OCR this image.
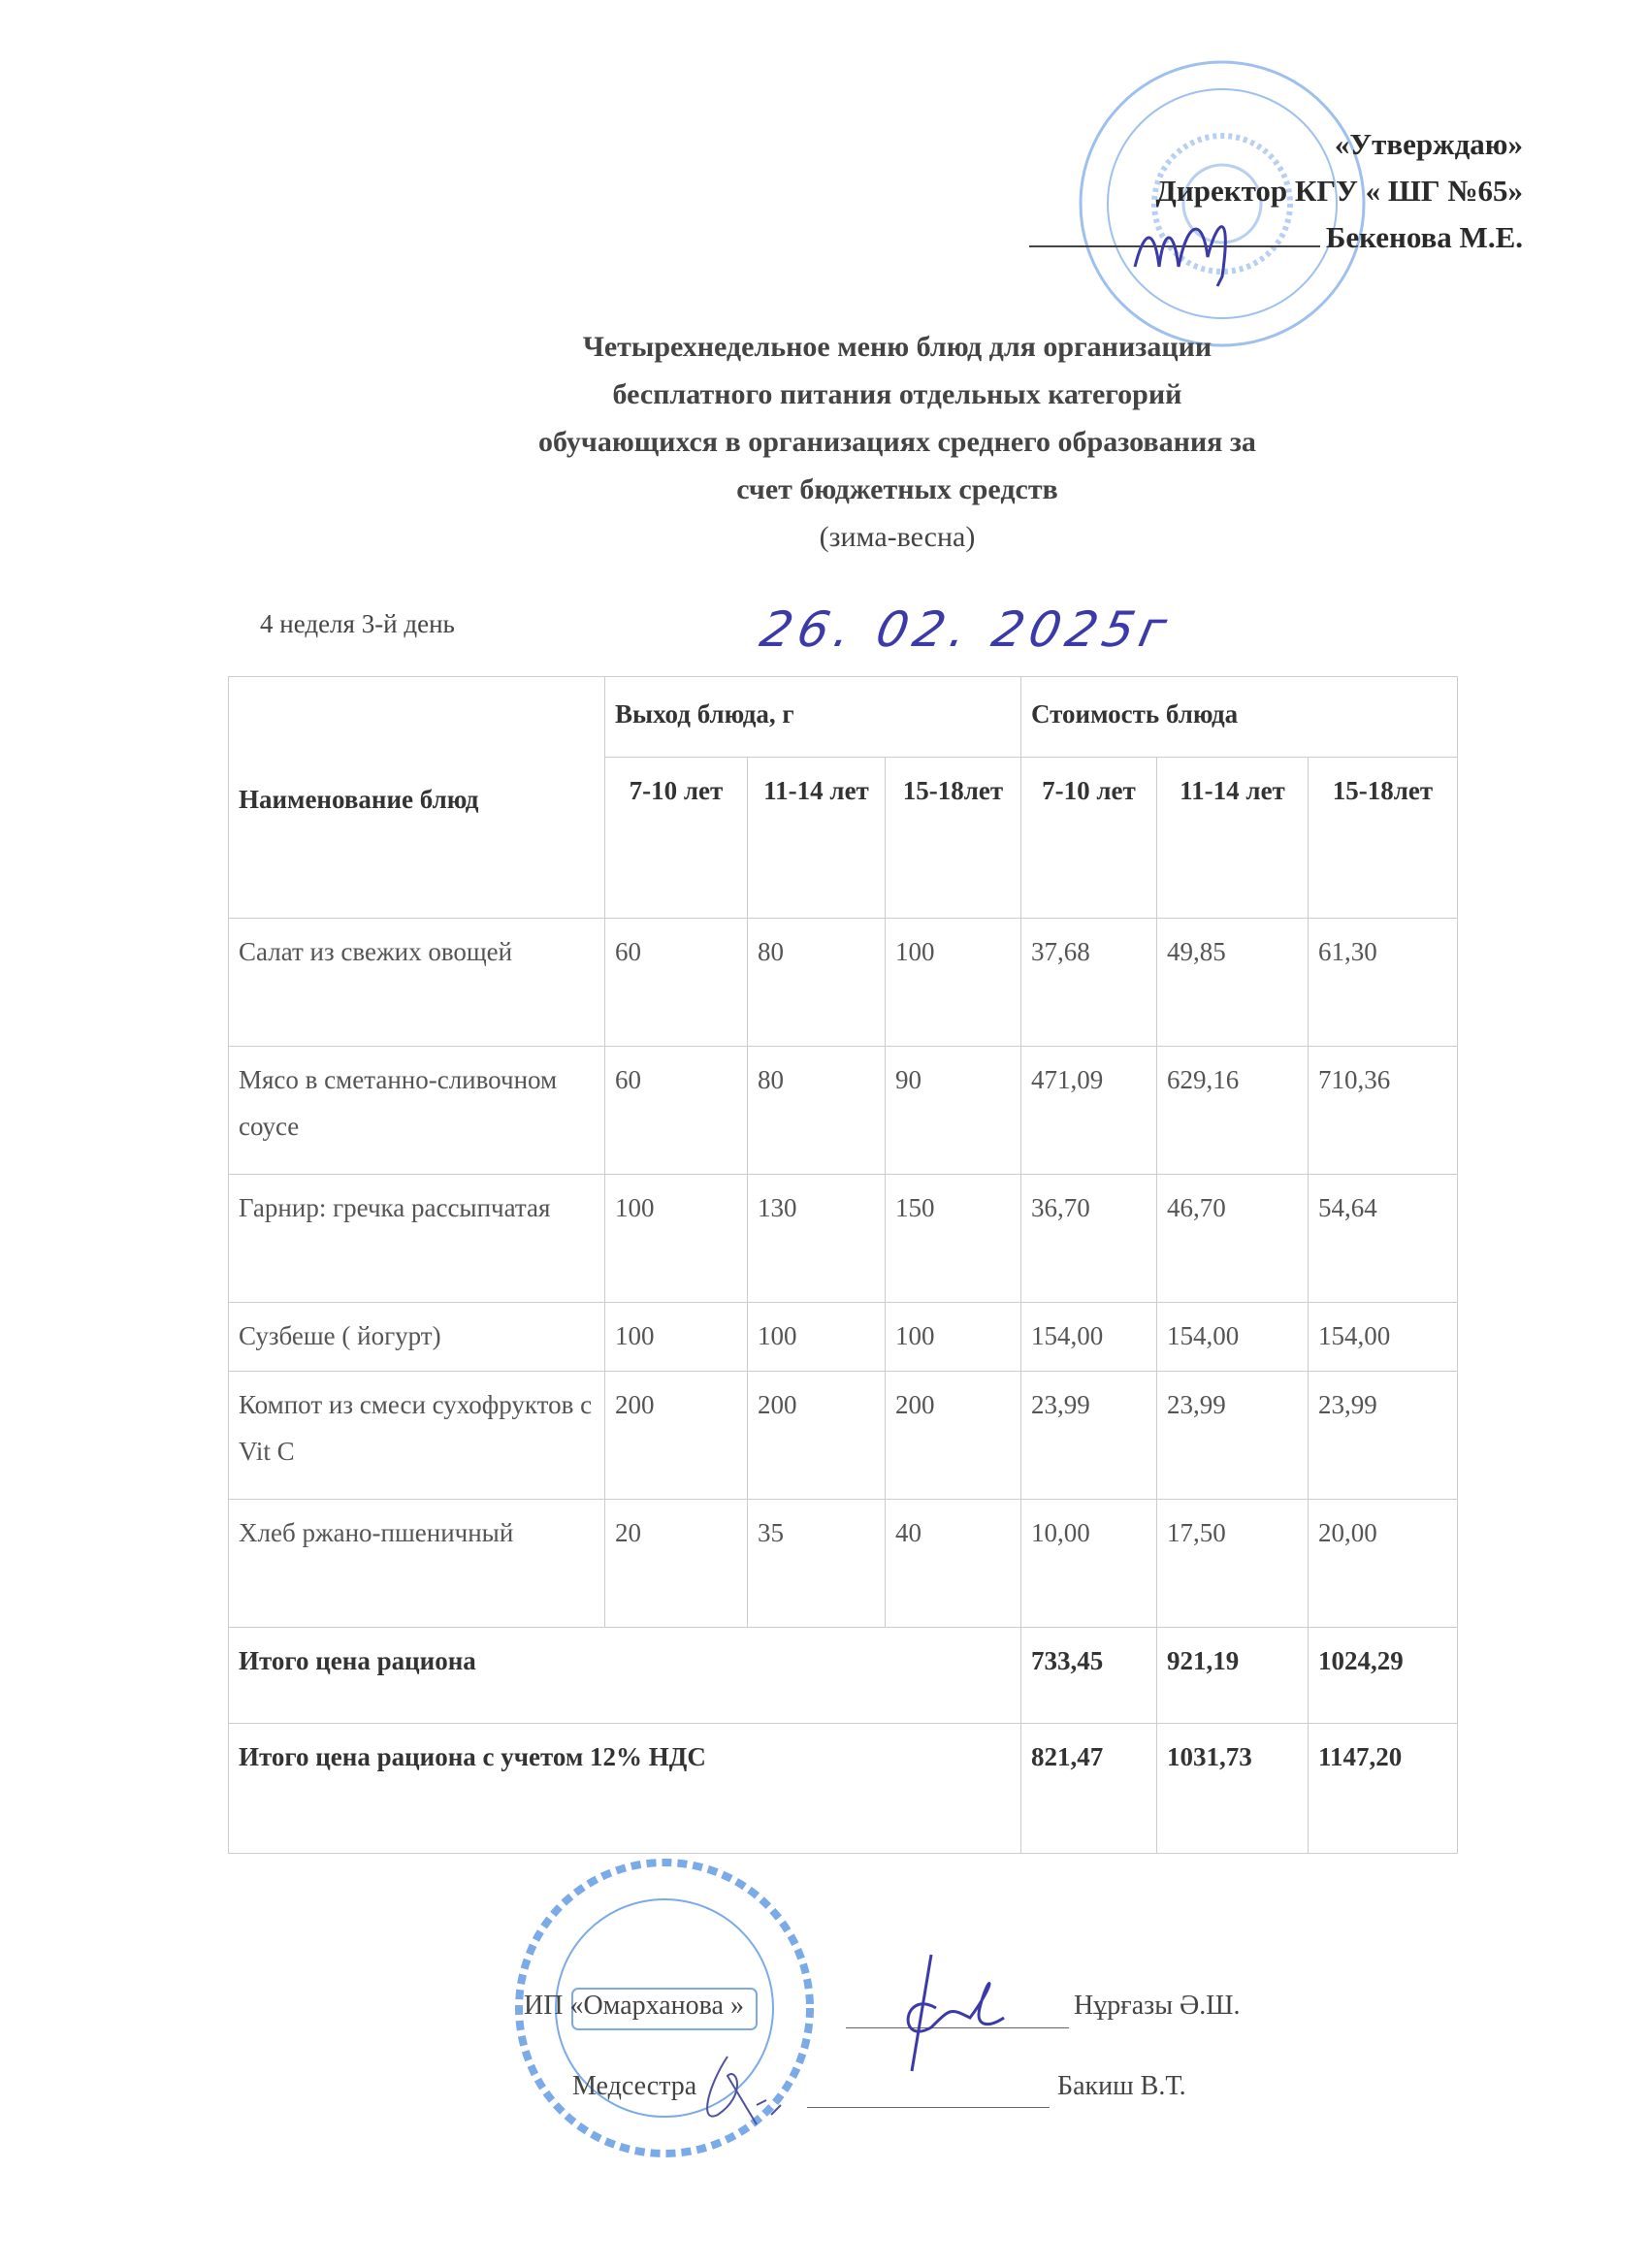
«Утверждаю»
Директор КГУ « ШГ №65»
Бекенова М.Е.
Четырехнедельное меню блюд для организации
бесплатного питания отдельных категорий
обучающихся в организациях среднего образования за
счет бюджетных средств
(зима-весна)
4 неделя 3-й день	26. 02. 2025г
Наименование блюд	Выход блюда, г			Стоимость блюда		
	7-10 лет	11-14 лет	15-18лет	7-10 лет	11-14 лет	15-18лет
Салат из свежих овощей	60	80	100	37,68	49,85	61,30
Мясо в сметанно-сливочном соусе	60	80	90	471,09	629,16	710,36
Гарнир: гречка рассыпчатая	100	130	150	36,70	46,70	54,64
Сузбеше ( йогурт)	100	100	100	154,00	154,00	154,00
Компот из смеси сухофруктов с Vit C	200	200	200	23,99	23,99	23,99
Хлеб ржано-пшеничный	20	35	40	10,00	17,50	20,00
Итого цена рациона				733,45	921,19	1024,29
Итого цена рациона с учетом 12% НДС				821,47	1031,73	1147,20
ИП «Омарханова »	Нұрғазы Ә.Ш.
Медсестра	Бакиш В.Т.
